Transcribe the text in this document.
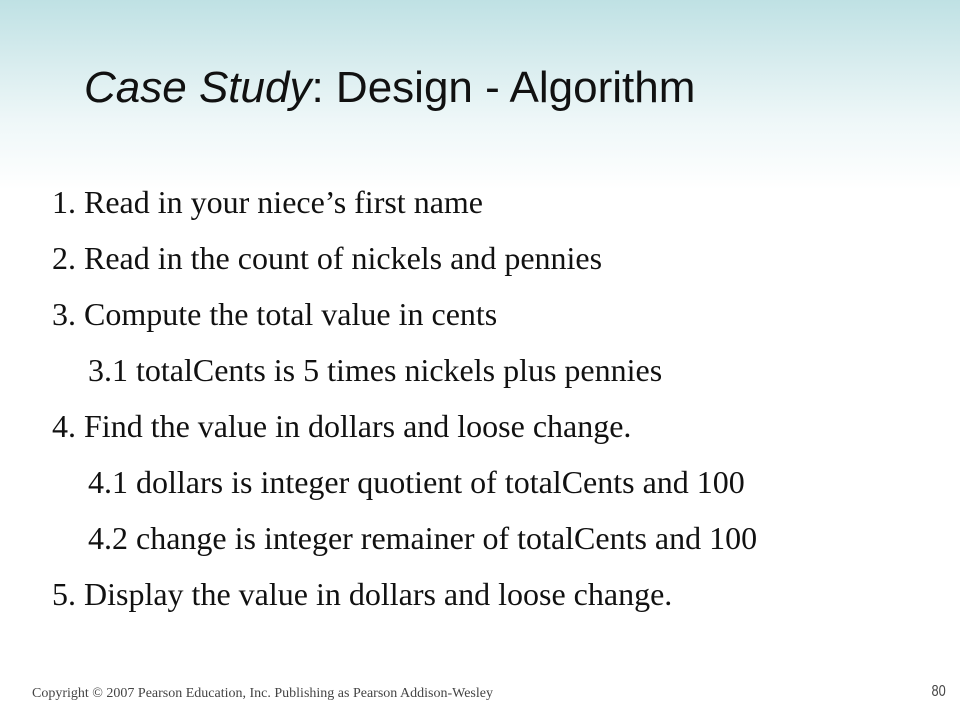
Case Study: Design - Algorithm
1. Read in your niece’s first name
2. Read in the count of nickels and pennies
3. Compute the total value in cents
3.1 totalCents is 5 times nickels plus pennies
4. Find the value in dollars and loose change.
4.1 dollars is integer quotient of totalCents and 100
4.2 change is integer remainer of totalCents and 100
5. Display the value in dollars and loose change.
Copyright © 2007 Pearson Education, Inc. Publishing as Pearson Addison-Wesley	80
